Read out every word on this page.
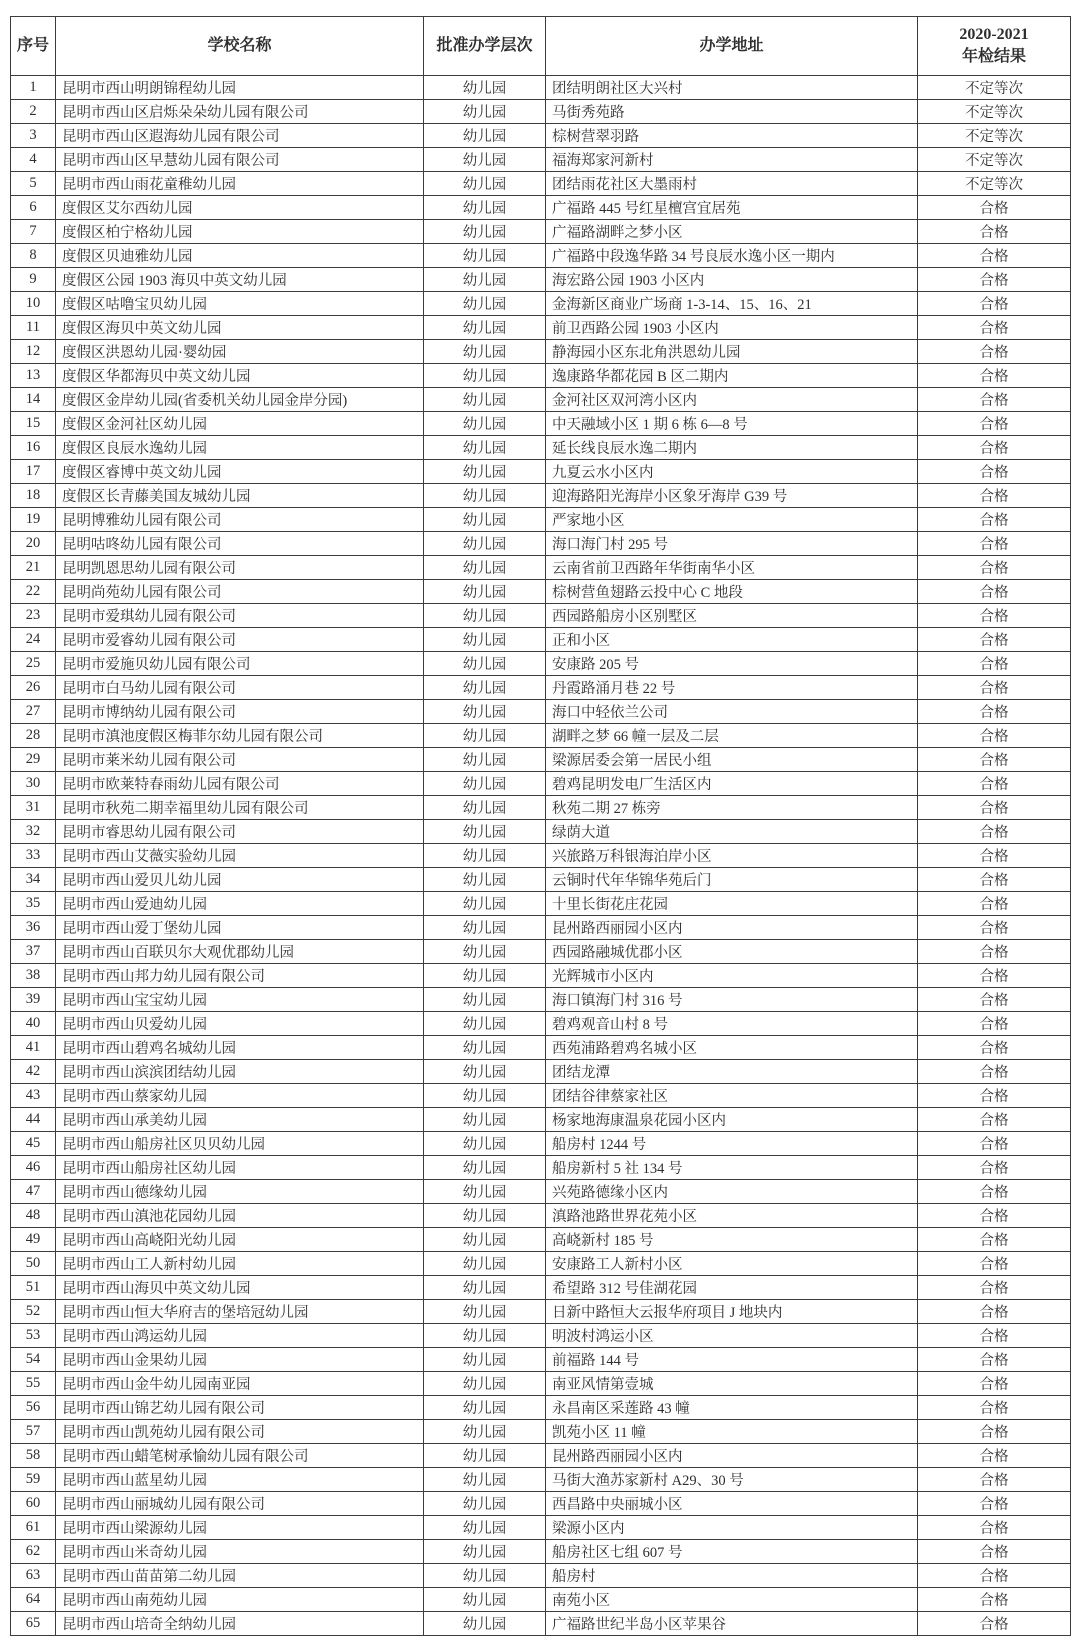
序号	学校名称	批准办学层次	办学地址	2020-2021
年检结果

1	昆明市西山明朗锦程幼儿园	幼儿园	团结明朗社区大兴村	不定等次
2	昆明市西山区启烁朵朵幼儿园有限公司	幼儿园	马街秀苑路	不定等次
3	昆明市西山区遐海幼儿园有限公司	幼儿园	棕树营翠羽路	不定等次
4	昆明市西山区早慧幼儿园有限公司	幼儿园	福海郑家河新村	不定等次
5	昆明市西山雨花童稚幼儿园	幼儿园	团结雨花社区大墨雨村	不定等次
6	度假区艾尔西幼儿园	幼儿园	广福路 445 号红星檀宫宜居苑	合格
7	度假区柏宁格幼儿园	幼儿园	广福路湖畔之梦小区	合格
8	度假区贝迪雅幼儿园	幼儿园	广福路中段逸华路 34 号良辰水逸小区一期内	合格
9	度假区公园 1903 海贝中英文幼儿园	幼儿园	海宏路公园 1903 小区内	合格
10	度假区咕噜宝贝幼儿园	幼儿园	金海新区商业广场商 1-3-14、15、16、21	合格
11	度假区海贝中英文幼儿园	幼儿园	前卫西路公园 1903 小区内	合格
12	度假区洪恩幼儿园·婴幼园	幼儿园	静海园小区东北角洪恩幼儿园	合格
13	度假区华都海贝中英文幼儿园	幼儿园	逸康路华都花园 B 区二期内	合格
14	度假区金岸幼儿园(省委机关幼儿园金岸分园)	幼儿园	金河社区双河湾小区内	合格
15	度假区金河社区幼儿园	幼儿园	中天融域小区 1 期 6 栋 6—8 号	合格
16	度假区良辰水逸幼儿园	幼儿园	延长线良辰水逸二期内	合格
17	度假区睿博中英文幼儿园	幼儿园	九夏云水小区内	合格
18	度假区长青藤美国友城幼儿园	幼儿园	迎海路阳光海岸小区象牙海岸 G39 号	合格
19	昆明博雅幼儿园有限公司	幼儿园	严家地小区	合格
20	昆明咕咚幼儿园有限公司	幼儿园	海口海门村 295 号	合格
21	昆明凯恩思幼儿园有限公司	幼儿园	云南省前卫西路年华街南华小区	合格
22	昆明尚苑幼儿园有限公司	幼儿园	棕树营鱼翅路云投中心 C 地段	合格
23	昆明市爱琪幼儿园有限公司	幼儿园	西园路船房小区别墅区	合格
24	昆明市爱睿幼儿园有限公司	幼儿园	正和小区	合格
25	昆明市爱施贝幼儿园有限公司	幼儿园	安康路 205 号	合格
26	昆明市白马幼儿园有限公司	幼儿园	丹霞路涌月巷 22 号	合格
27	昆明市博纳幼儿园有限公司	幼儿园	海口中轻依兰公司	合格
28	昆明市滇池度假区梅菲尔幼儿园有限公司	幼儿园	湖畔之梦 66 幢一层及二层	合格
29	昆明市莱米幼儿园有限公司	幼儿园	梁源居委会第一居民小组	合格
30	昆明市欧莱特春雨幼儿园有限公司	幼儿园	碧鸡昆明发电厂生活区内	合格
31	昆明市秋苑二期幸福里幼儿园有限公司	幼儿园	秋苑二期 27 栋旁	合格
32	昆明市睿思幼儿园有限公司	幼儿园	绿荫大道	合格
33	昆明市西山艾薇实验幼儿园	幼儿园	兴旅路万科银海泊岸小区	合格
34	昆明市西山爱贝儿幼儿园	幼儿园	云铜时代年华锦华苑后门	合格
35	昆明市西山爱迪幼儿园	幼儿园	十里长街花庄花园	合格
36	昆明市西山爱丁堡幼儿园	幼儿园	昆州路西丽园小区内	合格
37	昆明市西山百联贝尔大观优郡幼儿园	幼儿园	西园路融城优郡小区	合格
38	昆明市西山邦力幼儿园有限公司	幼儿园	光辉城市小区内	合格
39	昆明市西山宝宝幼儿园	幼儿园	海口镇海门村 316 号	合格
40	昆明市西山贝爱幼儿园	幼儿园	碧鸡观音山村 8 号	合格
41	昆明市西山碧鸡名城幼儿园	幼儿园	西苑浦路碧鸡名城小区	合格
42	昆明市西山滨滨团结幼儿园	幼儿园	团结龙潭	合格
43	昆明市西山蔡家幼儿园	幼儿园	团结谷律蔡家社区	合格
44	昆明市西山承美幼儿园	幼儿园	杨家地海康温泉花园小区内	合格
45	昆明市西山船房社区贝贝幼儿园	幼儿园	船房村 1244 号	合格
46	昆明市西山船房社区幼儿园	幼儿园	船房新村 5 社 134 号	合格
47	昆明市西山德缘幼儿园	幼儿园	兴苑路德缘小区内	合格
48	昆明市西山滇池花园幼儿园	幼儿园	滇路池路世界花苑小区	合格
49	昆明市西山高峣阳光幼儿园	幼儿园	高峣新村 185 号	合格
50	昆明市西山工人新村幼儿园	幼儿园	安康路工人新村小区	合格
51	昆明市西山海贝中英文幼儿园	幼儿园	希望路 312 号佳湖花园	合格
52	昆明市西山恒大华府吉的堡培冠幼儿园	幼儿园	日新中路恒大云报华府项目 J 地块内	合格
53	昆明市西山鸿运幼儿园	幼儿园	明波村鸿运小区	合格
54	昆明市西山金果幼儿园	幼儿园	前福路 144 号	合格
55	昆明市西山金牛幼儿园南亚园	幼儿园	南亚风情第壹城	合格
56	昆明市西山锦艺幼儿园有限公司	幼儿园	永昌南区采莲路 43 幢	合格
57	昆明市西山凯苑幼儿园有限公司	幼儿园	凯苑小区 11 幢	合格
58	昆明市西山蜡笔树承愉幼儿园有限公司	幼儿园	昆州路西丽园小区内	合格
59	昆明市西山蓝星幼儿园	幼儿园	马街大渔苏家新村 A29、30 号	合格
60	昆明市西山丽城幼儿园有限公司	幼儿园	西昌路中央丽城小区	合格
61	昆明市西山梁源幼儿园	幼儿园	梁源小区内	合格
62	昆明市西山米奇幼儿园	幼儿园	船房社区七组 607 号	合格
63	昆明市西山苗苗第二幼儿园	幼儿园	船房村	合格
64	昆明市西山南苑幼儿园	幼儿园	南苑小区	合格
65	昆明市西山培奇全纳幼儿园	幼儿园	广福路世纪半岛小区苹果谷	合格
